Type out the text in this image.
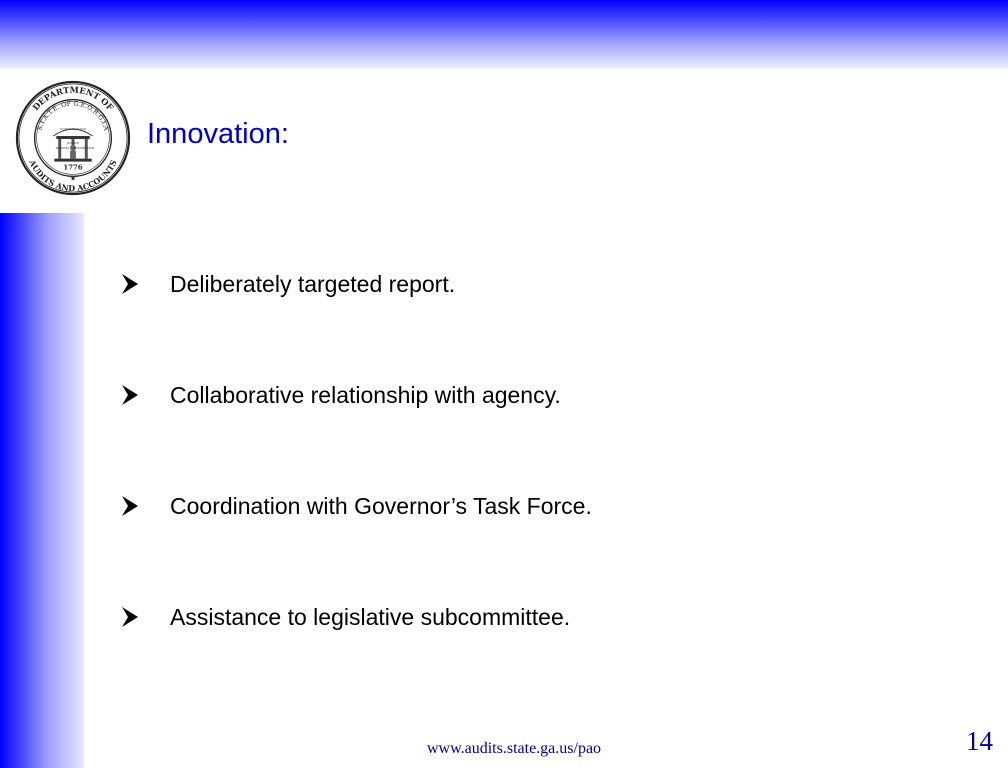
DEPARTMENT OF
AUDITS AND ACCOUNTS
S.T.A.T.E. OF G.E.O.R.G.I.A
CONSTITUTION
WISDOM
JUSTICE
MODERATION
1776
★
Innovation:
Deliberately targeted report.
Collaborative relationship with agency.
Coordination with Governor’s Task Force.
Assistance to legislative subcommittee.
www.audits.state.ga.us/pao	14
